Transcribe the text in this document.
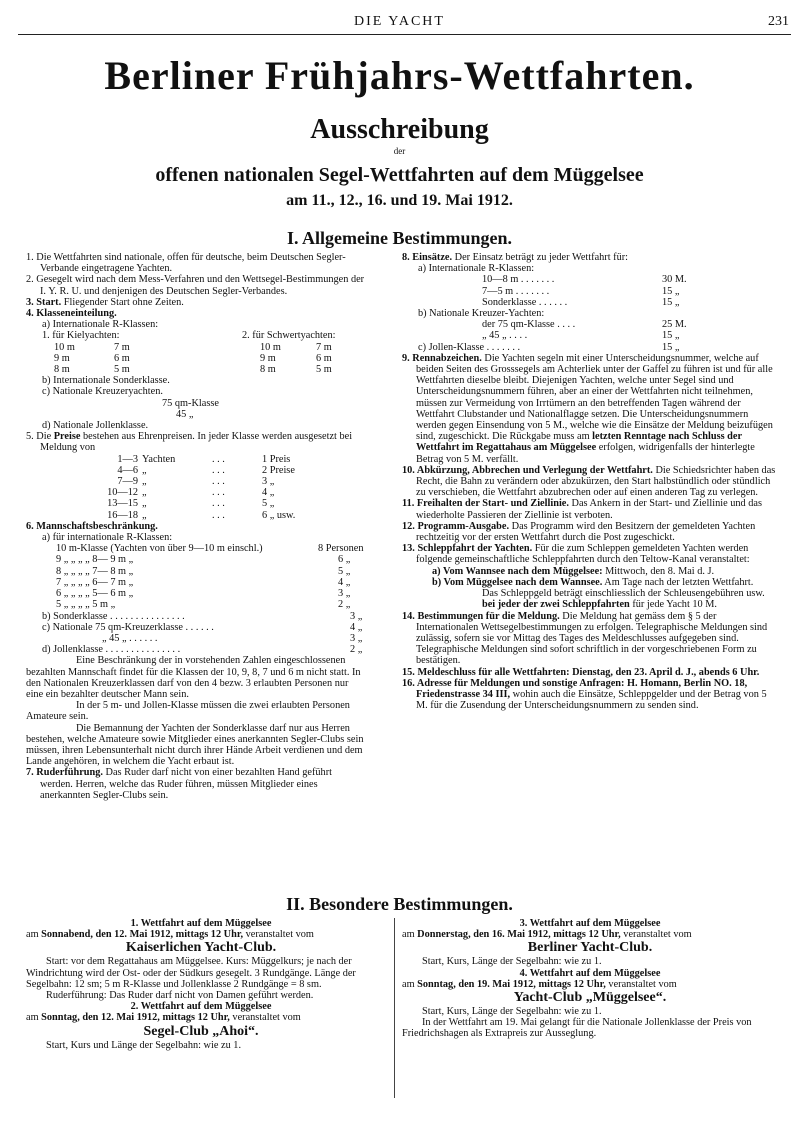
DIE YACHT	231
Berliner Frühjahrs-Wettfahrten.
Ausschreibung
der
offenen nationalen Segel-Wettfahrten auf dem Müggelsee
am 11., 12., 16. und 19. Mai 1912.
I. Allgemeine Bestimmungen.

1. Die Wettfahrten sind nationale, offen für deutsche, beim Deutschen Segler-Verbande eingetragene Yachten.

2. Gesegelt wird nach dem Mess-Verfahren und den Wettsegel-Bestimmungen der I. Y. R. U. und denjenigen des Deutschen Segler-Verbandes.

3. Start. Fliegender Start ohne Zeiten.

4. Klasseneinteilung.

a) Internationale R-Klassen:

1. für Kielyachten:
10 m	7 m
9 m	6 m
8 m	5 m
2. für Schwertyachten:
10 m	7 m
9 m	6 m
8 m	5 m

b) Internationale Sonderklasse.

c) Nationale Kreuzeryachten.

75 qm-Klasse

45 „

d) Nationale Jollenklasse.

5. Die Preise bestehen aus Ehrenpreisen. In jeder Klasse werden ausgesetzt bei Meldung von

1—3 Yachten	. . .	1 Preis
4—6 „	. . .	2 Preise
7—9 „	. . .	3 „
10—12 „	. . .	4 „
13—15 „	. . .	5 „
16—18 „	. . .	6 „ usw.

6. Mannschaftsbeschränkung.

a) für internationale R-Klassen:

10 m-Klasse (Yachten von über 9—10 m einschl.)	8 Personen
9 „ „ „ „ 8— 9 m „	6 „
8 „ „ „ „ 7— 8 m „	5 „
7 „ „ „ „ 6— 7 m „	4 „
6 „ „ „ „ 5— 6 m „	3 „
5 „ „ „ „ 5 m „	2 „
b) Sonderklasse . . . . . . . . . . . . . . .	3 „
c) Nationale 75 qm-Kreuzerklasse . . . . . .	4 „
„ 45 „ . . . . . .	3 „
d) Jollenklasse . . . . . . . . . . . . . . .	2 „

Eine Beschränkung der in vorstehenden Zahlen eingeschlossenen bezahlten Mannschaft findet für die Klassen der 10, 9, 8, 7 und 6 m nicht statt. In den Nationalen Kreuzerklassen darf von den 4 bezw. 3 erlaubten Personen nur eine ein bezahlter deutscher Mann sein.

In der 5 m- und Jollen-Klasse müssen die zwei erlaubten Personen Amateure sein.

Die Bemannung der Yachten der Sonderklasse darf nur aus Herren bestehen, welche Amateure sowie Mitglieder eines anerkannten Segler-Clubs sein müssen, ihren Lebensunterhalt nicht durch ihrer Hände Arbeit verdienen und dem Lande angehören, in welchem die Yacht erbaut ist.

7. Ruderführung. Das Ruder darf nicht von einer bezahlten Hand geführt werden. Herren, welche das Ruder führen, müssen Mitglieder eines anerkannten Segler-Clubs sein.

8. Einsätze. Der Einsatz beträgt zu jeder Wettfahrt für:

a) Internationale R-Klassen:

10—8 m . . . . . . .	30 M.
7—5 m . . . . . . .	15 „
Sonderklasse . . . . . .	15 „

b) Nationale Kreuzer-Yachten:

der 75 qm-Klasse . . . .	25 M.
„ 45 „ . . . .	15 „
c) Jollen-Klasse . . . . . . .	15 „

9. Rennabzeichen. Die Yachten segeln mit einer Unterscheidungsnummer, welche auf beiden Seiten des Grosssegels am Achterliek unter der Gaffel zu führen ist und für alle Wettfahrten dieselbe bleibt. Diejenigen Yachten, welche unter Segel sind und Unterscheidungsnummern führen, aber an einer der Wettfahrten nicht teilnehmen, müssen zur Vermeidung von Irrtümern an den betreffenden Tagen während der Wettfahrt Clubstander und Nationalflagge setzen. Die Unterscheidungsnummern werden gegen Einsendung von 5 M., welche wie die Einsätze der Meldung beizufügen sind, zugeschickt. Die Rückgabe muss am letzten Renntage nach Schluss der Wettfahrt im Regattahaus am Müggelsee erfolgen, widrigenfalls der hinterlegte Betrag von 5 M. verfällt.

10. Abkürzung, Abbrechen und Verlegung der Wettfahrt. Die Schiedsrichter haben das Recht, die Bahn zu verändern oder abzukürzen, den Start halbstündlich oder stündlich zu verschieben, die Wettfahrt abzubrechen oder auf einen anderen Tag zu verlegen.

11. Freihalten der Start- und Ziellinie. Das Ankern in der Start- und Ziellinie und das wiederholte Passieren der Ziellinie ist verboten.

12. Programm-Ausgabe. Das Programm wird den Besitzern der gemeldeten Yachten rechtzeitig vor der ersten Wettfahrt durch die Post zugeschickt.

13. Schleppfahrt der Yachten. Für die zum Schleppen gemeldeten Yachten werden folgende gemeinschaftliche Schleppfahrten durch den Teltow-Kanal veranstaltet:

a) Vom Wannsee nach dem Müggelsee: Mittwoch, den 8. Mai d. J.

b) Vom Müggelsee nach dem Wannsee. Am Tage nach der letzten Wettfahrt.

Das Schleppgeld beträgt einschliesslich der Schleusengebühren usw. bei jeder der zwei Schleppfahrten für jede Yacht 10 M.

14. Bestimmungen für die Meldung. Die Meldung hat gemäss dem § 5 der Internationalen Wettsegelbestimmungen zu erfolgen. Telegraphische Meldungen sind zulässig, sofern sie vor Mittag des Tages des Meldeschlusses aufgegeben sind. Telegraphische Meldungen sind sofort schriftlich in der vorgeschriebenen Form zu bestätigen.

15. Meldeschluss für alle Wettfahrten: Dienstag, den 23. April d. J., abends 6 Uhr.

16. Adresse für Meldungen und sonstige Anfragen: H. Homann, Berlin NO. 18, Friedenstrasse 34 III, wohin auch die Einsätze, Schleppgelder und der Betrag von 5 M. für die Zusendung der Unterscheidungsnummern zu senden sind.

II. Besondere Bestimmungen.

1. Wettfahrt auf dem Müggelsee

am Sonnabend, den 12. Mai 1912, mittags 12 Uhr, veranstaltet vom

Kaiserlichen Yacht-Club.

Start: vor dem Regattahaus am Müggelsee. Kurs: Müggelkurs; je nach der Windrichtung wird der Ost- oder der Südkurs gesegelt. 3 Rundgänge. Länge der Segelbahn: 12 sm; 5 m R-Klasse und Jollenklasse 2 Rundgänge = 8 sm.

Ruderführung: Das Ruder darf nicht von Damen geführt werden.

2. Wettfahrt auf dem Müggelsee

am Sonntag, den 12. Mai 1912, mittags 12 Uhr, veranstaltet vom

Segel-Club „Ahoi“.

Start, Kurs und Länge der Segelbahn: wie zu 1.

3. Wettfahrt auf dem Müggelsee

am Donnerstag, den 16. Mai 1912, mittags 12 Uhr, veranstaltet vom

Berliner Yacht-Club.

Start, Kurs, Länge der Segelbahn: wie zu 1.

4. Wettfahrt auf dem Müggelsee

am Sonntag, den 19. Mai 1912, mittags 12 Uhr, veranstaltet vom

Yacht-Club „Müggelsee“.

Start, Kurs, Länge der Segelbahn: wie zu 1.

In der Wettfahrt am 19. Mai gelangt für die Nationale Jollenklasse der Preis von Friedrichshagen als Extrapreis zur Ausseglung.
